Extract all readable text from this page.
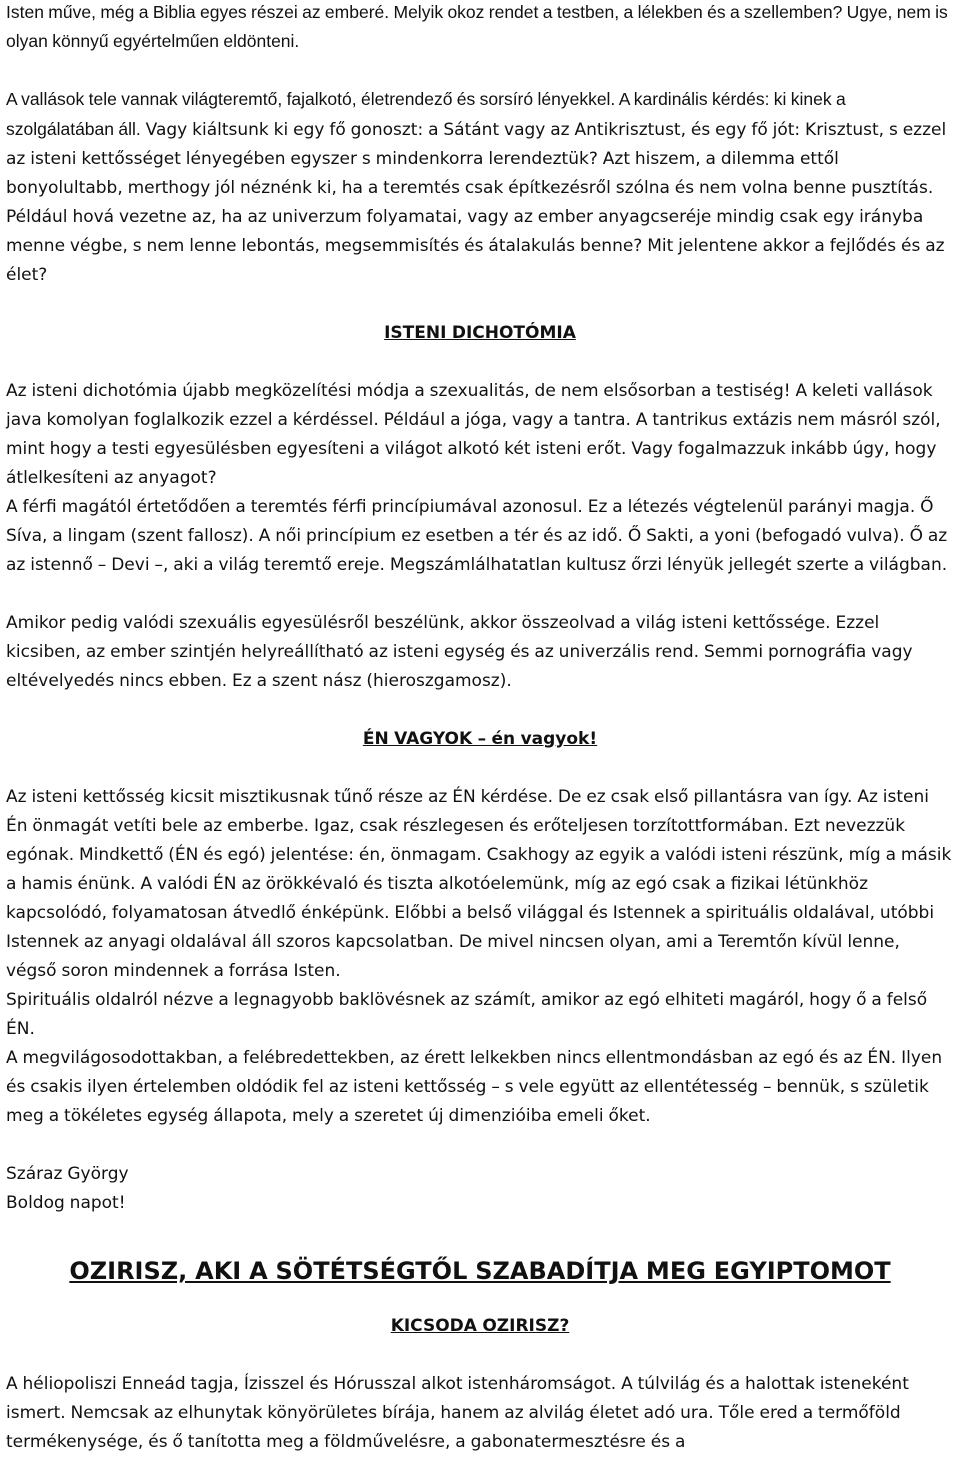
Isten műve, még a Biblia egyes részei az emberé. Melyik okoz rendet a testben, a lélekben és a szellemben? Ugye, nem is olyan könnyű egyértelműen eldönteni.

A vallások tele vannak világteremtő, fajalkotó, életrendező és sorsíró lényekkel. A kardinális kérdés: ki kinek a szolgálatában áll. Vagy kiáltsunk ki egy fő gonoszt: a Sátánt vagy az Antikrisztust, és egy fő jót: Krisztust, s ezzel az isteni kettősséget lényegében egyszer s mindenkorra lerendeztük? Azt hiszem, a dilemma ettől bonyolultabb, merthogy jól néznénk ki, ha a teremtés csak építkezésről szólna és nem volna benne pusztítás. Például hová vezetne az, ha az univerzum folyamatai, vagy az ember anyagcseréje mindig csak egy irányba menne végbe, s nem lenne lebontás, megsemmisítés és átalakulás benne? Mit jelentene akkor a fejlődés és az élet?

ISTENI DICHOTÓMIA

Az isteni dichotómia újabb megközelítési módja a szexualitás, de nem elsősorban a testiség! A keleti vallások java komolyan foglalkozik ezzel a kérdéssel. Például a jóga, vagy a tantra. A tantrikus extázis nem másról szól, mint hogy a testi egyesülésben egyesíteni a világot alkotó két isteni erőt. Vagy fogalmazzuk inkább úgy, hogy átlelkesíteni az anyagot?

A férfi magától értetődően a teremtés férfi princípiumával azonosul. Ez a létezés végtelenül parányi magja. Ő Síva, a lingam (szent fallosz). A női princípium ez esetben a tér és az idő. Ő Sakti, a yoni (befogadó vulva). Ő az az istennő – Devi –, aki a világ teremtő ereje. Megszámlálhatatlan kultusz őrzi lényük jellegét szerte a világban.

Amikor pedig valódi szexuális egyesülésről beszélünk, akkor összeolvad a világ isteni kettőssége. Ezzel kicsiben, az ember szintjén helyreállítható az isteni egység és az univerzális rend. Semmi pornográfia vagy eltévelyedés nincs ebben. Ez a szent nász (hieroszgamosz).

ÉN VAGYOK – én vagyok!

Az isteni kettősség kicsit misztikusnak tűnő része az ÉN kérdése. De ez csak első pillantásra van így. Az isteni Én önmagát vetíti bele az emberbe. Igaz, csak részlegesen és erőteljesen torzítottformában. Ezt nevezzük egónak. Mindkettő (ÉN és egó) jelentése: én, önmagam. Csakhogy az egyik a valódi isteni részünk, míg a másik a hamis énünk. A valódi ÉN az örökkévaló és tiszta alkotóelemünk, míg az egó csak a fizikai létünkhöz kapcsolódó, folyamatosan átvedlő énképünk. Előbbi a belső világgal és Istennek a spirituális oldalával, utóbbi Istennek az anyagi oldalával áll szoros kapcsolatban. De mivel nincsen olyan, ami a Teremtőn kívül lenne, végső soron mindennek a forrása Isten.

Spirituális oldalról nézve a legnagyobb baklövésnek az számít, amikor az egó elhiteti magáról, hogy ő a felső ÉN.

A megvilágosodottakban, a felébredettekben, az érett lelkekben nincs ellentmondásban az egó és az ÉN. Ilyen és csakis ilyen értelemben oldódik fel az isteni kettősség – s vele együtt az ellentétesség – bennük, s születik meg a tökéletes egység állapota, mely a szeretet új dimenzióiba emeli őket.

Száraz György

Boldog napot!

OZIRISZ, AKI A SÖTÉTSÉGTŐL SZABADÍTJA MEG EGYIPTOMOT

KICSODA OZIRISZ?

A héliopoliszi Enneád tagja, Ízisszel és Hórusszal alkot istenháromságot. A túlvilág és a halottak isteneként ismert. Nemcsak az elhunytak könyörületes bírája, hanem az alvilág életet adó ura. Tőle ered a termőföld termékenysége, és ő tanította meg a földművelésre, a gabonatermesztésre és a
